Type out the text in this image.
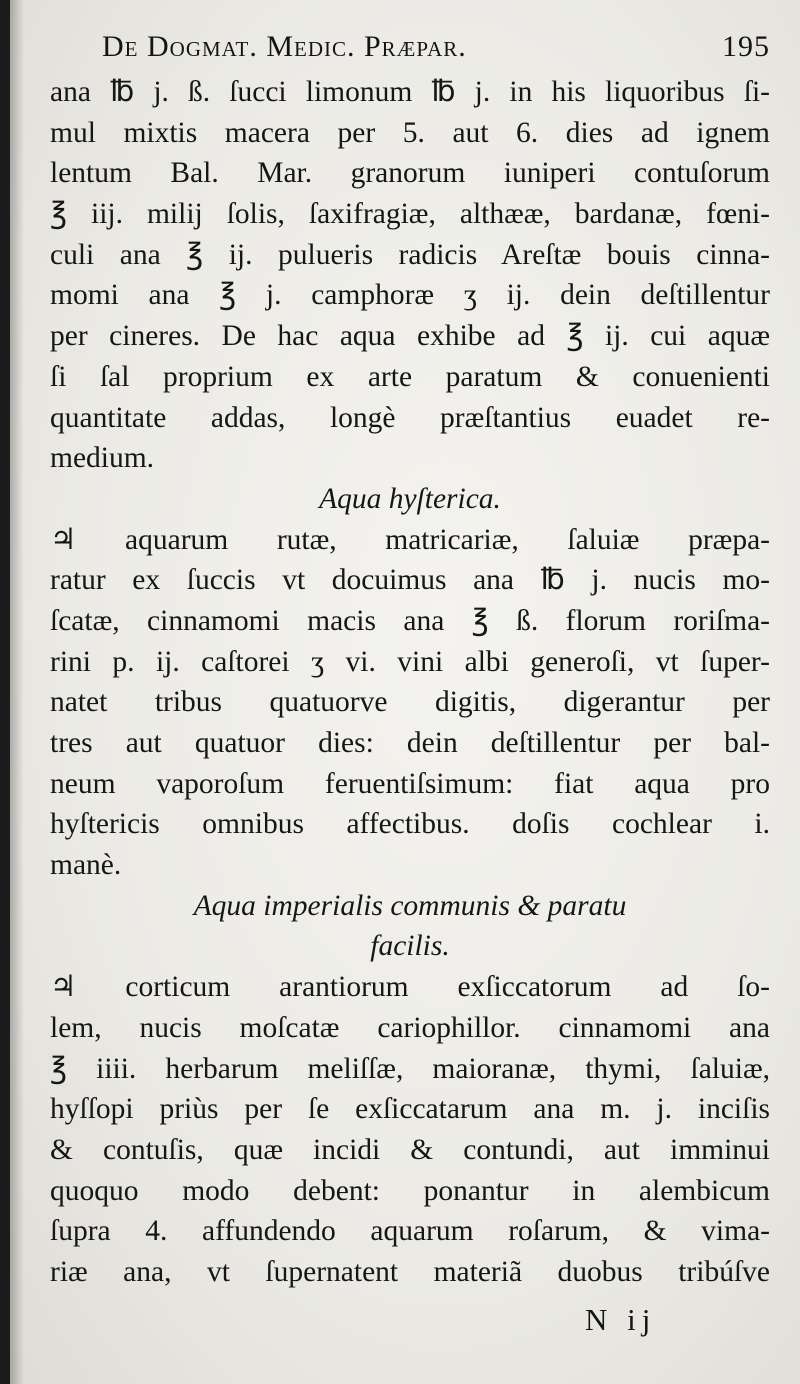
De Dogmat. Medic. Præpar.	195
ana ℔ j. ß. ſucci limonum ℔ j. in his liquoribus ſi-
mul mixtis macera per 5. aut 6. dies ad ignem
lentum Bal. Mar. granorum iuniperi contuſorum
℥ iij. milij ſolis, ſaxifragiæ, althææ, bardanæ, fœni-
culi ana ℥ ij. pulueris radicis Areſtæ bouis cinna-
momi ana ℥ j. camphoræ ʒ ij. dein deſtillentur
per cineres. De hac aqua exhibe ad ℥ ij. cui aquæ
ſi ſal proprium ex arte paratum & conuenienti
quantitate addas, longè præſtantius euadet re-
medium.
Aqua hyſterica.
♃ aquarum rutæ, matricariæ, ſaluiæ præpa-
ratur ex ſuccis vt docuimus ana ℔ j. nucis mo-
ſcatæ, cinnamomi macis ana ℥ ß. florum roriſma-
rini p. ij. caſtorei ʒ vi. vini albi generoſi, vt ſuper-
natet tribus quatuorve digitis, digerantur per
tres aut quatuor dies: dein deſtillentur per bal-
neum vaporoſum feruentiſsimum: fiat aqua pro
hyſtericis omnibus affectibus. doſis cochlear i.
manè.
Aqua imperialis communis & paratu
facilis.
♃ corticum arantiorum exſiccatorum ad ſo-
lem, nucis moſcatæ cariophillor. cinnamomi ana
℥ iiii. herbarum meliſſæ, maioranæ, thymi, ſaluiæ,
hyſſopi priùs per ſe exſiccatarum ana m. j. inciſis
& contuſis, quæ incidi & contundi, aut imminui
quoquo modo debent: ponantur in alembicum
ſupra 4. affundendo aquarum roſarum, & vima-
riæ ana, vt ſupernatent materiã duobus tribúſve
N ij
